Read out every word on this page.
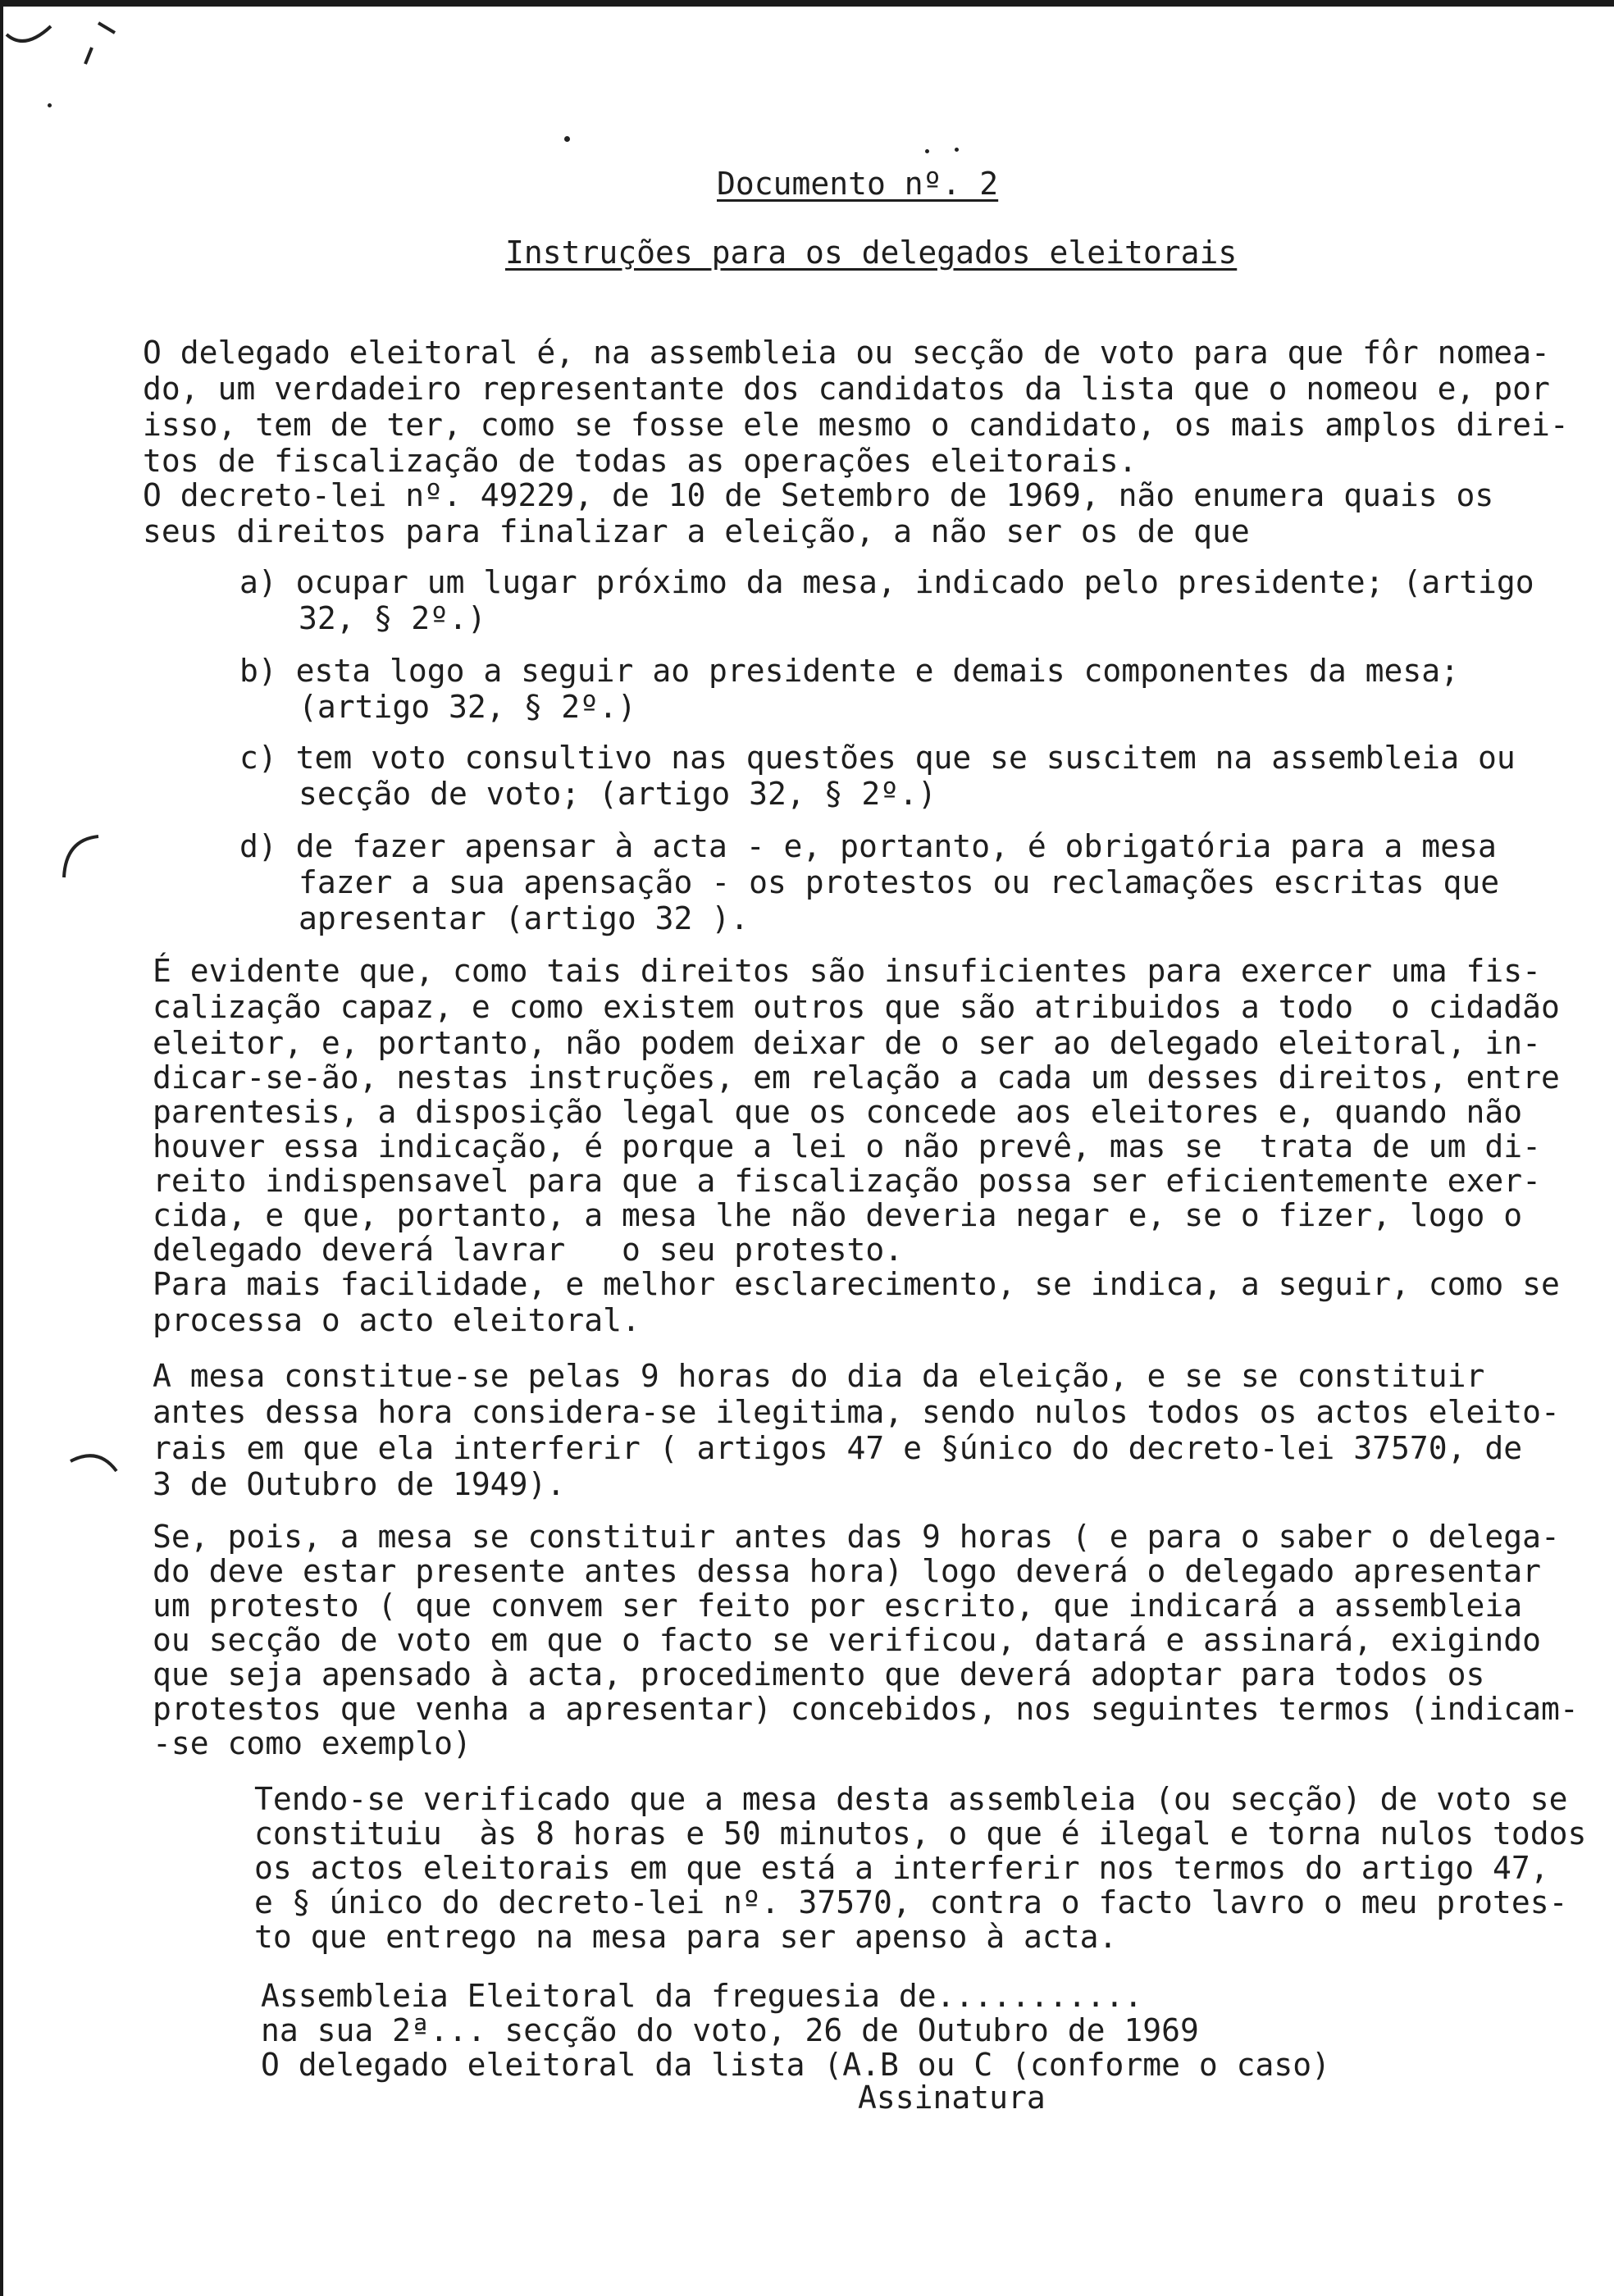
Documento nº. 2
Instruções para os delegados eleitorais
O delegado eleitoral é, na assembleia ou secção de voto para que fôr nomea-
do, um verdadeiro representante dos candidatos da lista que o nomeou e, por
isso, tem de ter, como se fosse ele mesmo o candidato, os mais amplos direi-
tos de fiscalização de todas as operações eleitorais.
O decreto-lei nº. 49229, de 10 de Setembro de 1969, não enumera quais os
seus direitos para finalizar a eleição, a não ser os de que
a) ocupar um lugar próximo da mesa, indicado pelo presidente; (artigo
32, § 2º.)
b) esta logo a seguir ao presidente e demais componentes da mesa;
(artigo 32, § 2º.)
c) tem voto consultivo nas questões que se suscitem na assembleia ou
secção de voto; (artigo 32, § 2º.)
d) de fazer apensar à acta - e, portanto, é obrigatória para a mesa
fazer a sua apensação - os protestos ou reclamações escritas que
apresentar (artigo 32 ).
É evidente que, como tais direitos são insuficientes para exercer uma fis-
calização capaz, e como existem outros que são atribuidos a todo  o cidadão
eleitor, e, portanto, não podem deixar de o ser ao delegado eleitoral, in-
dicar-se-ão, nestas instruções, em relação a cada um desses direitos, entre
parentesis, a disposição legal que os concede aos eleitores e, quando não
houver essa indicação, é porque a lei o não prevê, mas se  trata de um di-
reito indispensavel para que a fiscalização possa ser eficientemente exer-
cida, e que, portanto, a mesa lhe não deveria negar e, se o fizer, logo o
delegado deverá lavrar   o seu protesto.
Para mais facilidade, e melhor esclarecimento, se indica, a seguir, como se
processa o acto eleitoral.
A mesa constitue-se pelas 9 horas do dia da eleição, e se se constituir
antes dessa hora considera-se ilegitima, sendo nulos todos os actos eleito-
rais em que ela interferir ( artigos 47 e §único do decreto-lei 37570, de
3 de Outubro de 1949).
Se, pois, a mesa se constituir antes das 9 horas ( e para o saber o delega-
do deve estar presente antes dessa hora) logo deverá o delegado apresentar
um protesto ( que convem ser feito por escrito, que indicará a assembleia
ou secção de voto em que o facto se verificou, datará e assinará, exigindo
que seja apensado à acta, procedimento que deverá adoptar para todos os
protestos que venha a apresentar) concebidos, nos seguintes termos (indicam-
-se como exemplo)
Tendo-se verificado que a mesa desta assembleia (ou secção) de voto se
constituiu  às 8 horas e 50 minutos, o que é ilegal e torna nulos todos
os actos eleitorais em que está a interferir nos termos do artigo 47,
e § único do decreto-lei nº. 37570, contra o facto lavro o meu protes-
to que entrego na mesa para ser apenso à acta.
Assembleia Eleitoral da freguesia de...........
na sua 2ª... secção do voto, 26 de Outubro de 1969
O delegado eleitoral da lista (A.B ou C (conforme o caso)
Assinatura
